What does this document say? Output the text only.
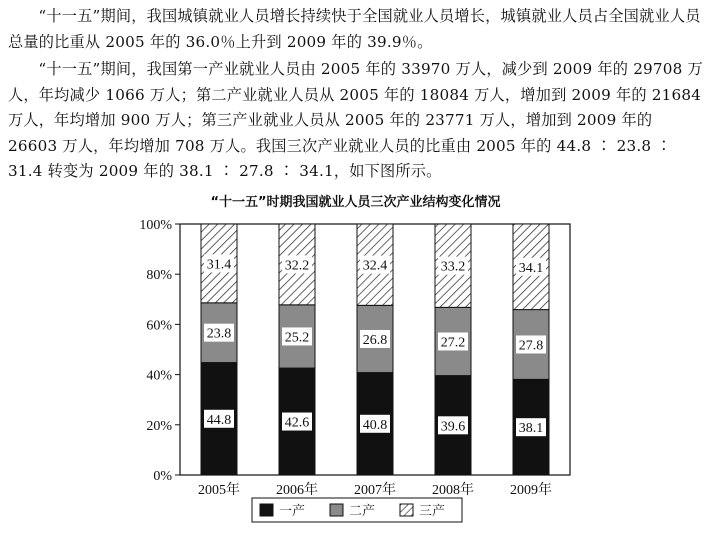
“十一五”期间，我国城镇就业人员增长持续快于全国就业人员增长，城镇就业人员占全国就业人员总量的比重从 2005 年的 36.0％上升到 2009 年的 39.9％。

“十一五”期间，我国第一产业就业人员由 2005 年的 33970 万人，减少到 2009 年的 29708 万人，年均减少 1066 万人；第二产业就业人员从 2005 年的 18084 万人，增加到 2009 年的 21684 万人，年均增加 900 万人；第三产业就业人员从 2005 年的 23771 万人，增加到 2009 年的 26603 万人，年均增加 708 万人。我国三次产业就业人员的比重由 2005 年的 44.8 ∶ 23.8 ∶ 31.4 转变为 2009 年的 38.1 ∶ 27.8 ∶ 34.1，如下图所示。

“十一五”时期我国就业人员三次产业结构变化情况
0%
20%
40%
60%
80%
100%
2005年	2006年	2007年	2008年	2009年
44.8
23.8
31.4
42.6
25.2
32.2
40.8
26.8
32.4
39.6
27.2
33.2
38.1
27.8
34.1
一产	二产	三产
